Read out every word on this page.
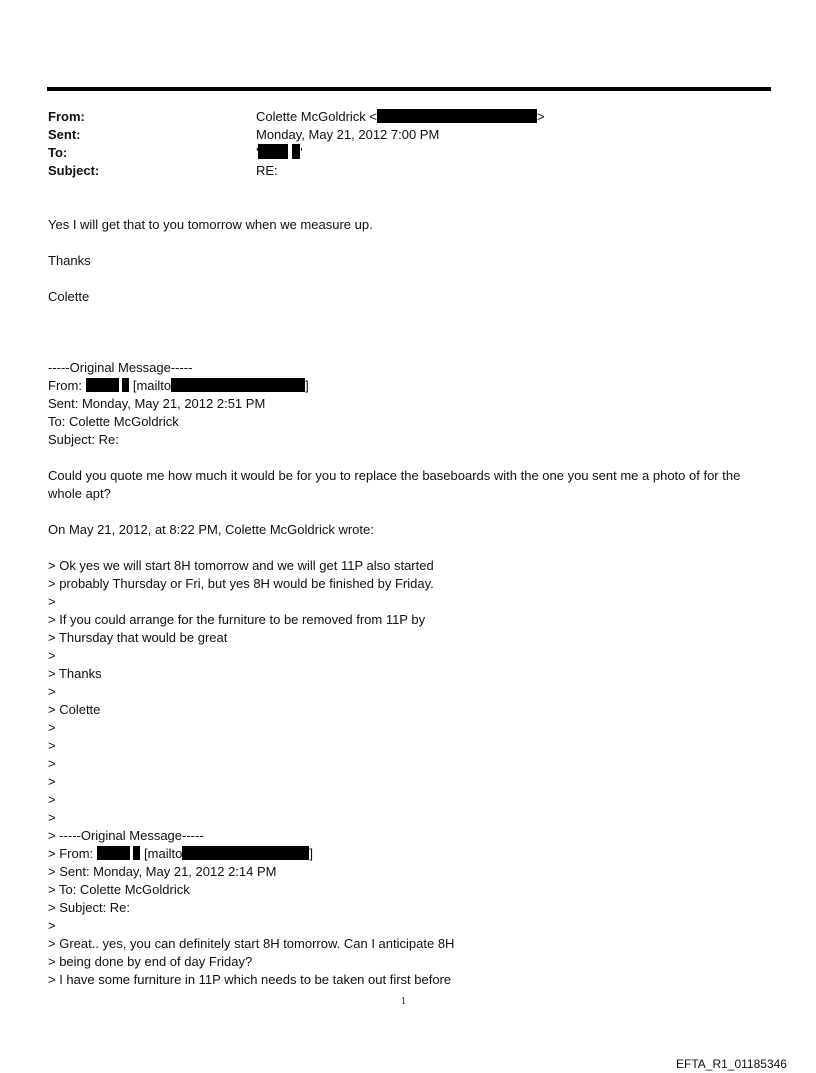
From:	Colette McGoldrick <	>
Sent:	Monday, May 21, 2012 7:00 PM
To:	'	'
Subject:	RE:
Yes I will get that to you tomorrow when we measure up.
Thanks
Colette
-----Original Message-----
From:	[mailto	]
Sent: Monday, May 21, 2012 2:51 PM
To: Colette McGoldrick
Subject: Re:
Could you quote me how much it would be for you to replace the baseboards with the one you sent me a photo of for the whole apt?
On May 21, 2012, at 8:22 PM, Colette McGoldrick wrote:
> Ok yes we will start 8H tomorrow and we will get 11P also started
> probably Thursday or Fri, but yes 8H would be finished by Friday.
>
> If you could arrange for the furniture to be removed from 11P by
> Thursday that would be great
>
> Thanks
>
> Colette
>
>
>
>
>
>
> -----Original Message-----
> From:	[mailto	]
> Sent: Monday, May 21, 2012 2:14 PM
> To: Colette McGoldrick
> Subject: Re:
>
> Great.. yes, you can definitely start 8H tomorrow. Can I anticipate 8H
> being done by end of day Friday?
> I have some furniture in 11P which needs to be taken out first before
1
EFTA_R1_01185346
